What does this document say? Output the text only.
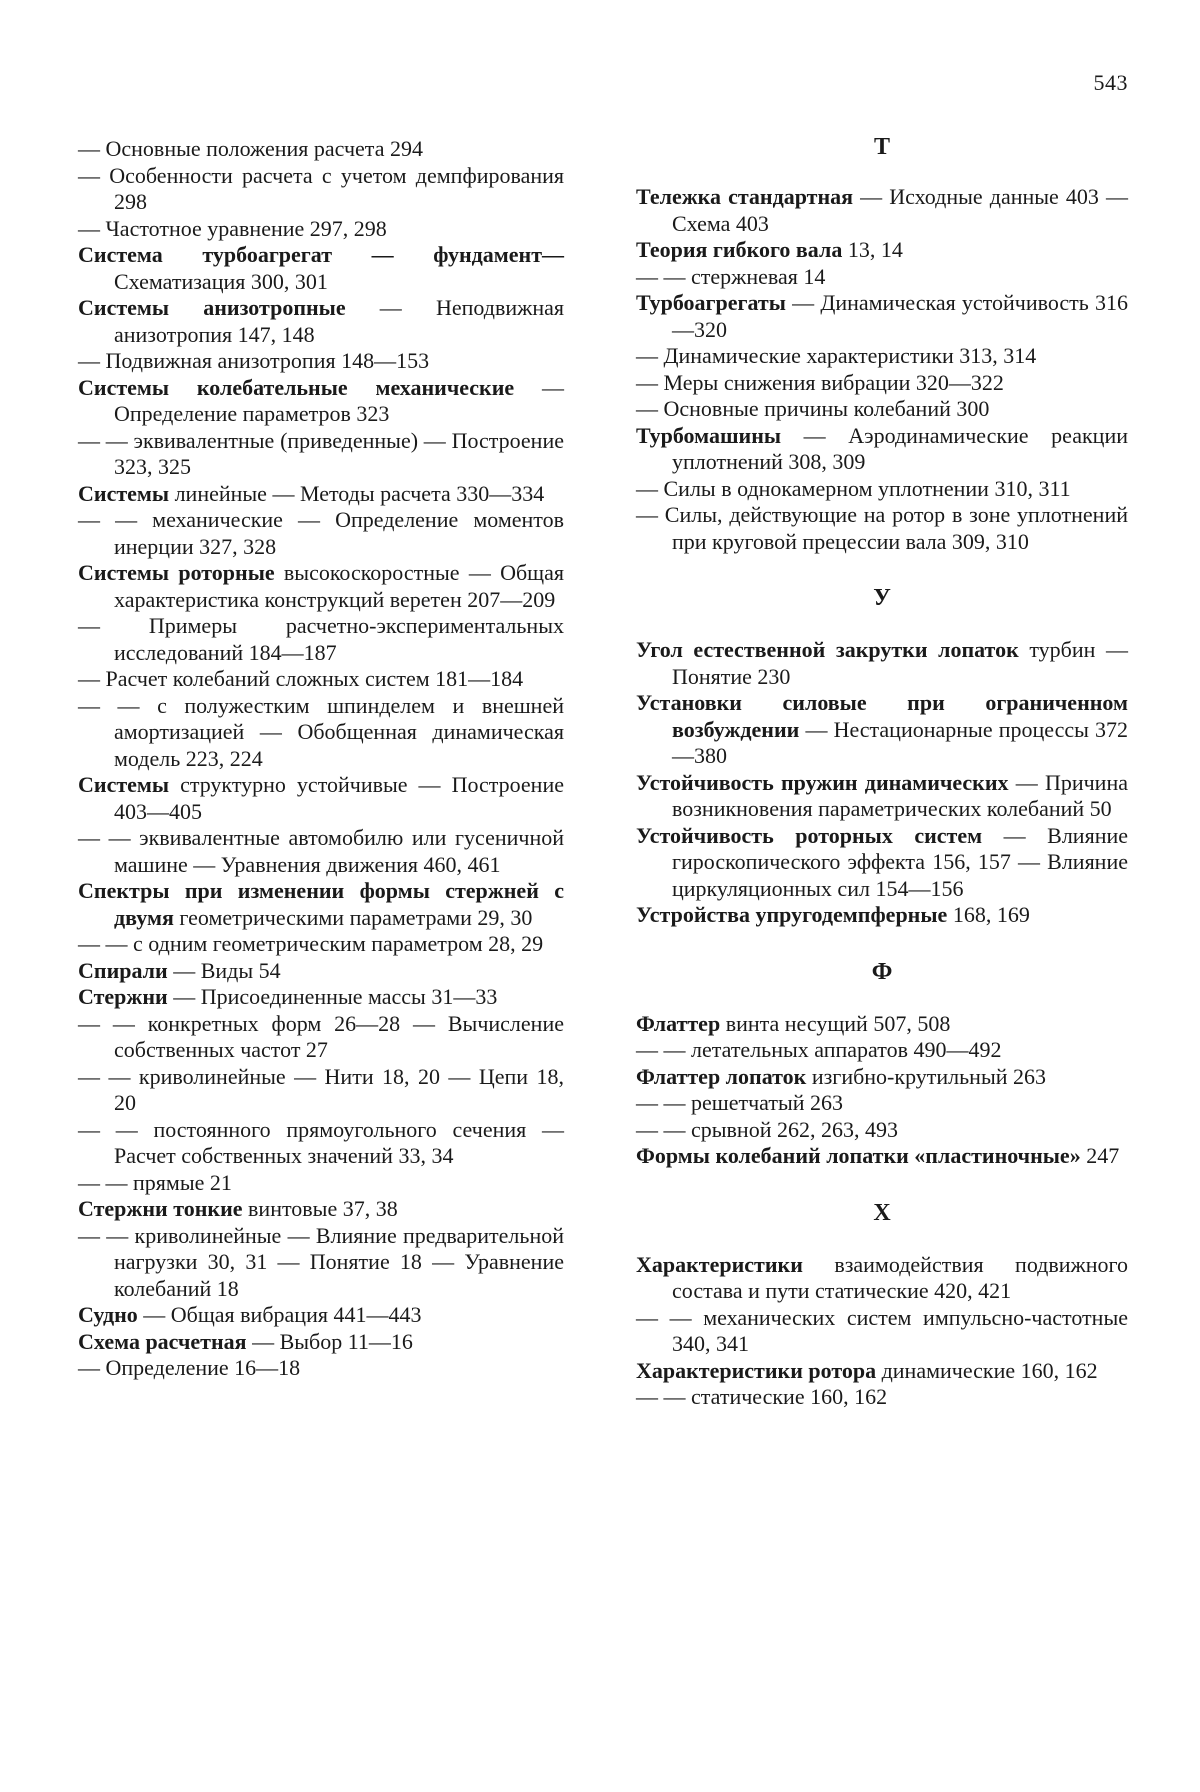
543

— Основные положения расчета 294

— Особенности расчета с учетом демпфирования 298

— Частотное уравнение 297, 298

Система турбоагрегат — фундамент— Схематизация 300, 301

Системы анизотропные — Неподвижная анизотропия 147, 148

— Подвижная анизотропия 148—153

Системы колебательные механические — Определение параметров 323

— — эквивалентные (приведенные) — Построение 323, 325

Системы линейные — Методы расчета 330—334

— — механические — Определение моментов инерции 327, 328

Системы роторные высокоскоростные — Общая характеристика конструкций веретен 207—209

— Примеры расчетно-экспериментальных исследований 184—187

— Расчет колебаний сложных систем 181—184

— — с полужестким шпинделем и внешней амортизацией — Обобщенная динамическая модель 223, 224

Системы структурно устойчивые — Построение 403—405

— — эквивалентные автомобилю или гусеничной машине — Уравнения движения 460, 461

Спектры при изменении формы стержней с двумя геометрическими параметрами 29, 30

— — с одним геометрическим параметром 28, 29

Спирали — Виды 54

Стержни — Присоединенные массы 31—33

— — конкретных форм 26—28 — Вычисление собственных частот 27

— — криволинейные — Нити 18, 20 — Цепи 18, 20

— — постоянного прямоугольного сечения — Расчет собственных значений 33, 34

— — прямые 21

Стержни тонкие винтовые 37, 38

— — криволинейные — Влияние предварительной нагрузки 30, 31 — Понятие 18 — Уравнение колебаний 18

Судно — Общая вибрация 441—443

Схема расчетная — Выбор 11—16

— Определение 16—18

Т

Тележка стандартная — Исходные данные 403 — Схема 403

Теория гибкого вала 13, 14

— — стержневая 14

Турбоагрегаты — Динамическая устойчивость 316—320

— Динамические характеристики 313, 314

— Меры снижения вибрации 320—322

— Основные причины колебаний 300

Турбомашины — Аэродинамические реакции уплотнений 308, 309

— Силы в однокамерном уплотнении 310, 311

— Силы, действующие на ротор в зоне уплотнений при круговой прецессии вала 309, 310

У

Угол естественной закрутки лопаток турбин — Понятие 230

Установки силовые при ограниченном возбуждении — Нестационарные процессы 372—380

Устойчивость пружин динамических — Причина возникновения параметрических колебаний 50

Устойчивость роторных систем — Влияние гироскопического эффекта 156, 157 — Влияние циркуляционных сил 154—156

Устройства упругодемпферные 168, 169

Ф

Флаттер винта несущий 507, 508

— — летательных аппаратов 490—492

Флаттер лопаток изгибно-крутильный 263

— — решетчатый 263

— — срывной 262, 263, 493

Формы колебаний лопатки «пластиночные» 247

Х

Характеристики взаимодействия подвижного состава и пути статические 420, 421

— — механических систем импульсно-частотные 340, 341

Характеристики ротора динамические 160, 162

— — статические 160, 162
